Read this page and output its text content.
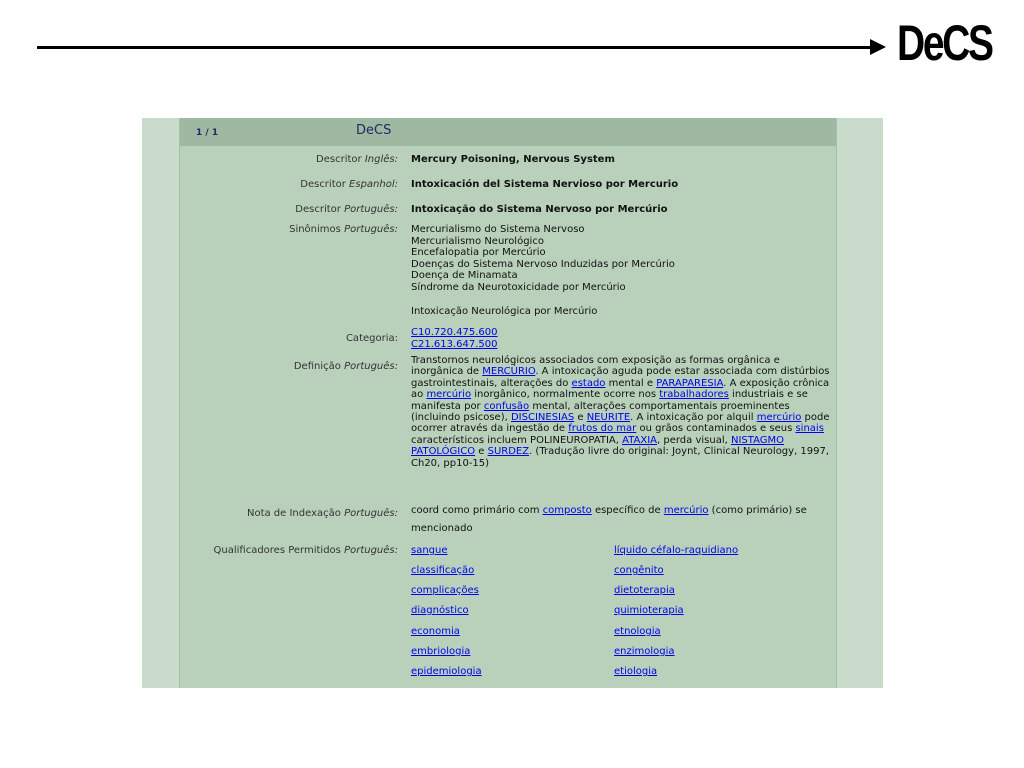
DeCS
1 / 1	DeCS
Descritor Inglês: Mercury Poisoning, Nervous System
Descritor Espanhol: Intoxicación del Sistema Nervioso por Mercurio
Descritor Português: Intoxicação do Sistema Nervoso por Mercúrio
Sinônimos Português: Mercurialismo do Sistema Nervoso
Mercurialismo Neurológico
Encefalopatia por Mercúrio
Doenças do Sistema Nervoso Induzidas por Mercúrio
Doença de Minamata
Síndrome da Neurotoxicidade por Mercúrio
Intoxicação Neurológica por Mercúrio
Categoria:
C10.720.475.600
C21.613.647.500
Definição Português:
Transtornos neurológicos associados com exposição as formas orgânica e inorgânica de MERCÚRIO. A intoxicação aguda pode estar associada com distúrbios gastrointestinais, alterações do estado mental e PARAPARESIA. A exposição crônica ao mercúrio inorgânico, normalmente ocorre nos trabalhadores industriais e se manifesta por confusão mental, alterações comportamentais proeminentes (incluindo psicose), DISCINESIAS e NEURITE. A intoxicação por alquil mercúrio pode ocorrer através da ingestão de frutos do mar ou grãos contaminados e seus sinais característicos incluem POLINEUROPATIA, ATAXIA, perda visual, NISTAGMO PATOLÓGICO e SURDEZ. (Tradução livre do original: Joynt, Clinical Neurology, 1997, Ch20, pp10-15)
Nota de Indexação Português: coord como primário com composto específico de mercúrio (como primário) se mencionado
Qualificadores Permitidos Português: sangue
classificação
complicações
diagnóstico
economia
embriologia
epidemiologia
líquido céfalo-raquidiano
congênito
dietoterapia
quimioterapia
etnologia
enzimologia
etiologia
